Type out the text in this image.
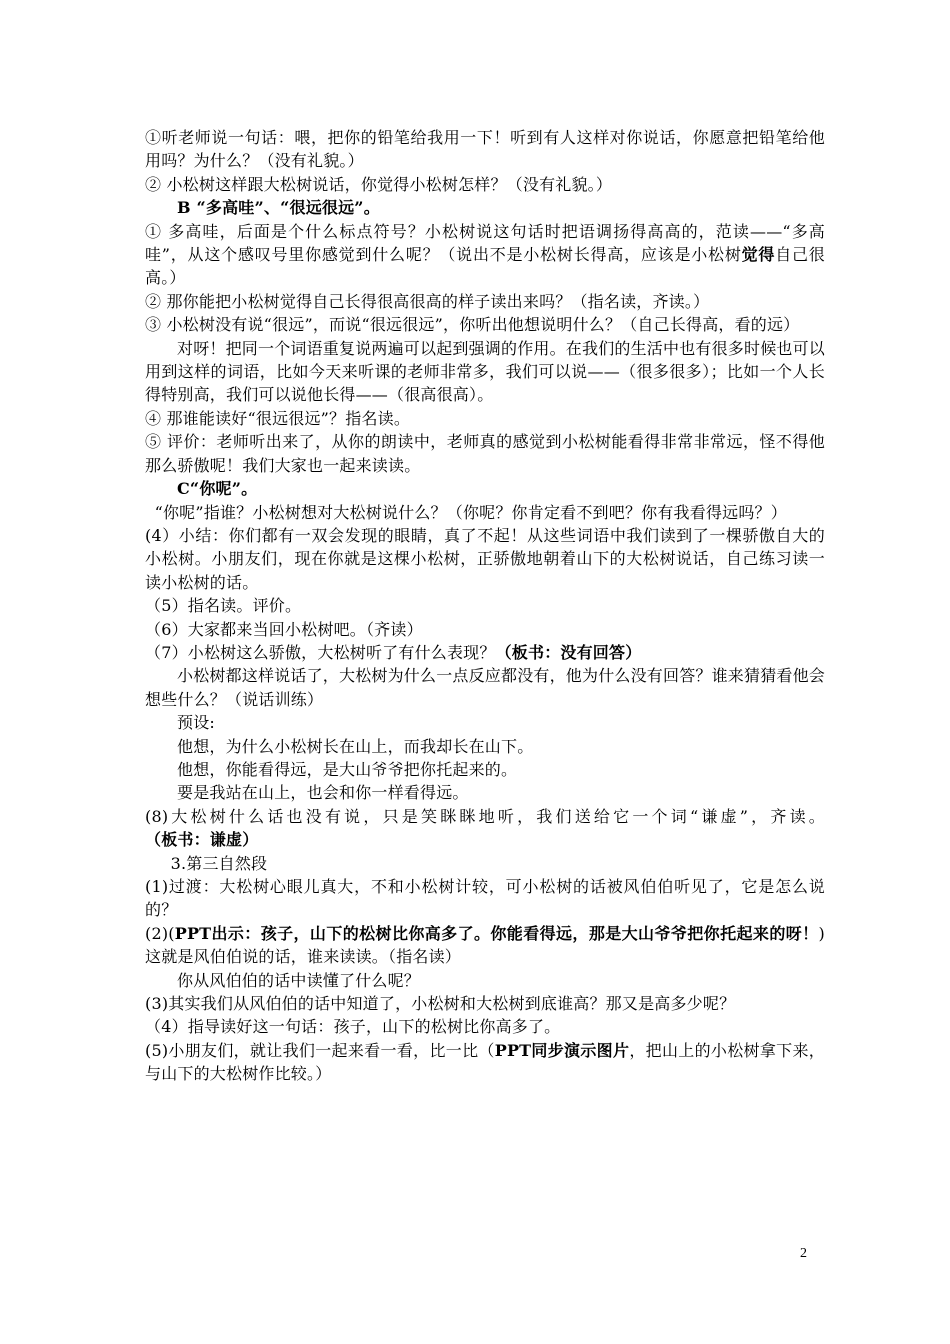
①听老师说一句话：喂，把你的铅笔给我用一下！听到有人这样对你说话，你愿意把铅笔给他用吗？为什么？（没有礼貌。）

② 小松树这样跟大松树说话，你觉得小松树怎样？（没有礼貌。）

B “多高哇”、“很远很远”。

① 多高哇，后面是个什么标点符号？小松树说这句话时把语调扬得高高的，范读——“多高哇”，从这个感叹号里你感觉到什么呢？（说出不是小松树长得高，应该是小松树觉得自己很高。）

② 那你能把小松树觉得自己长得很高很高的样子读出来吗？（指名读，齐读。）

③ 小松树没有说“很远”，而说“很远很远”，你听出他想说明什么？（自己长得高，看的远）

对呀！把同一个词语重复说两遍可以起到强调的作用。在我们的生活中也有很多时候也可以用到这样的词语，比如今天来听课的老师非常多，我们可以说——（很多很多）；比如一个人长得特别高，我们可以说他长得——（很高很高）。

④ 那谁能读好“很远很远”？指名读。

⑤ 评价：老师听出来了，从你的朗读中，老师真的感觉到小松树能看得非常非常远，怪不得他那么骄傲呢！我们大家也一起来读读。

C“你呢”。

“你呢”指谁？小松树想对大松树说什么？（你呢？你肯定看不到吧？你有我看得远吗？）

(4）小结：你们都有一双会发现的眼睛，真了不起！从这些词语中我们读到了一棵骄傲自大的小松树。小朋友们，现在你就是这棵小松树，正骄傲地朝着山下的大松树说话，自己练习读一读小松树的话。

（5）指名读。评价。

（6）大家都来当回小松树吧。（齐读）

（7）小松树这么骄傲，大松树听了有什么表现？（板书：没有回答）

小松树都这样说话了，大松树为什么一点反应都没有，他为什么没有回答？谁来猜猜看他会想些什么？（说话训练）

预设:

他想，为什么小松树长在山上，而我却长在山下。

他想，你能看得远，是大山爷爷把你托起来的。

要是我站在山上，也会和你一样看得远。

(8)大松树什么话也没有说，只是笑眯眯地听，我们送给它一个词“谦虚”，齐读。（板书：谦虚）

3.第三自然段

(1)过渡：大松树心眼儿真大，不和小松树计较，可小松树的话被风伯伯听见了，它是怎么说的？

(2)(PPT出示：孩子，山下的松树比你高多了。你能看得远，那是大山爷爷把你托起来的呀！)这就是风伯伯说的话，谁来读读。（指名读）

你从风伯伯的话中读懂了什么呢？

(3)其实我们从风伯伯的话中知道了，小松树和大松树到底谁高？那又是高多少呢？

（4）指导读好这一句话：孩子，山下的松树比你高多了。

(5)小朋友们，就让我们一起来看一看，比一比（PPT同步演示图片，把山上的小松树拿下来，与山下的大松树作比较。）

2
